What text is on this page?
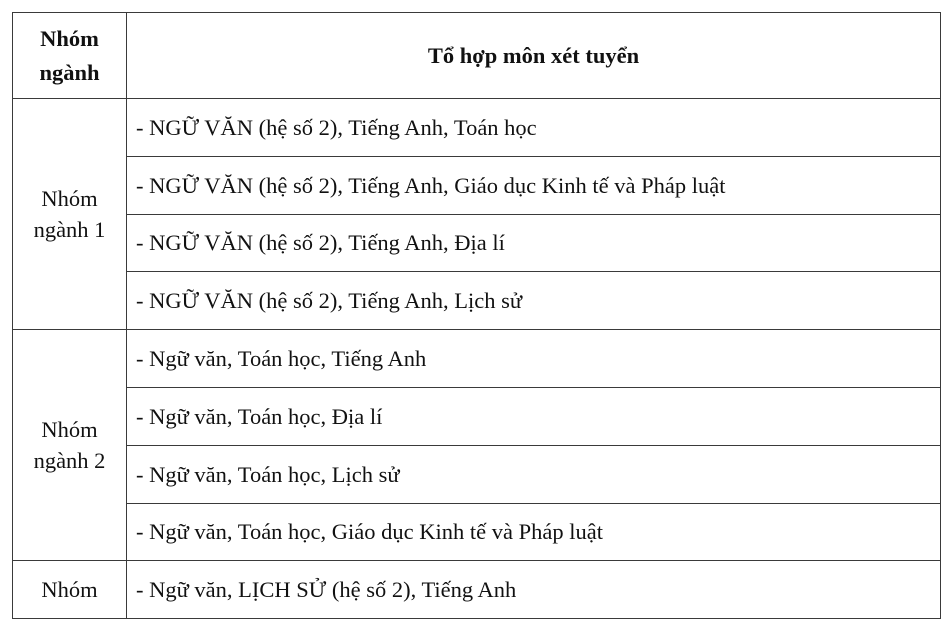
Nhóm ngành	Tổ hợp môn xét tuyển
Nhóm ngành 1	- NGỮ VĂN (hệ số 2), Tiếng Anh, Toán học
	- NGỮ VĂN (hệ số 2), Tiếng Anh, Giáo dục Kinh tế và Pháp luật
	- NGỮ VĂN (hệ số 2), Tiếng Anh, Địa lí
	- NGỮ VĂN (hệ số 2), Tiếng Anh, Lịch sử
Nhóm ngành 2	- Ngữ văn, Toán học, Tiếng Anh
	- Ngữ văn, Toán học, Địa lí
	- Ngữ văn, Toán học, Lịch sử
	- Ngữ văn, Toán học, Giáo dục Kinh tế và Pháp luật
Nhóm	- Ngữ văn, LỊCH SỬ (hệ số 2), Tiếng Anh
